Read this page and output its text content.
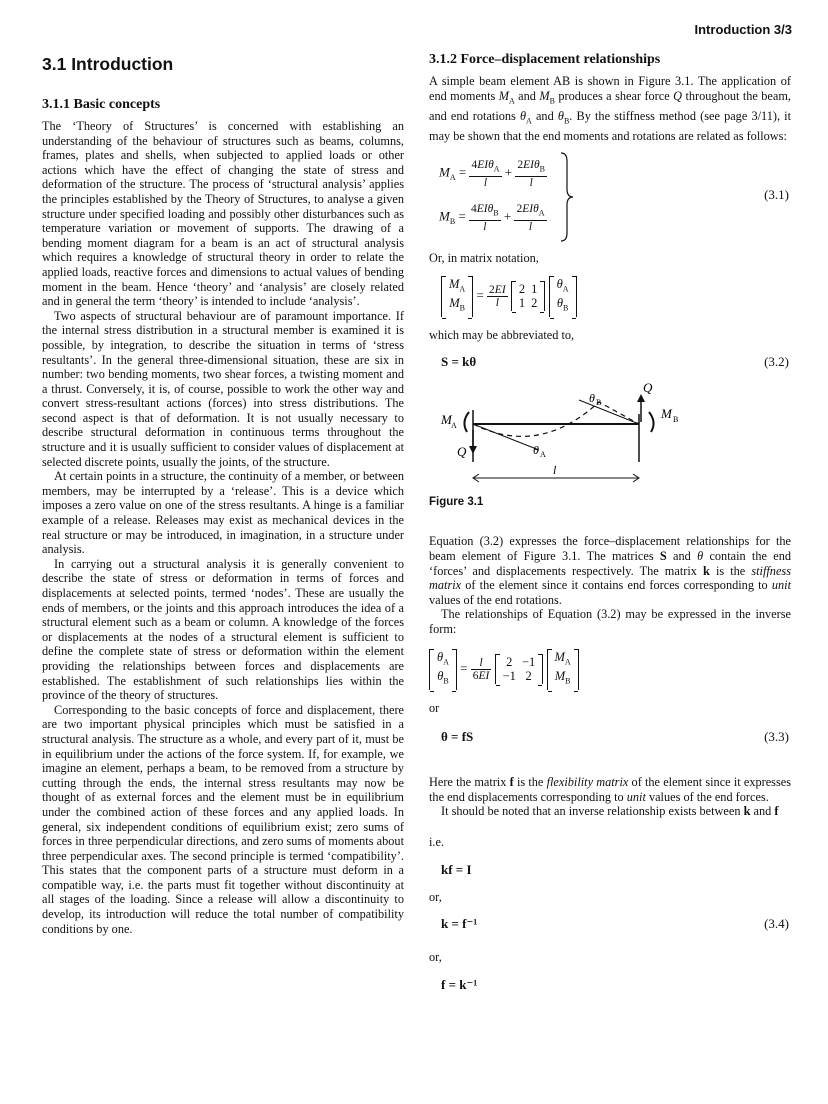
Introduction 3/3
3.1 Introduction
3.1.1 Basic concepts

The ‘Theory of Structures’ is concerned with establishing an understanding of the behaviour of structures such as beams, columns, frames, plates and shells, when subjected to applied loads or other actions which have the effect of changing the state of stress and deformation of the structure. The process of ‘structural analysis’ applies the principles established by the Theory of Structures, to analyse a given structure under specified loading and possibly other disturbances such as temperature variation or movement of supports. The drawing of a bending moment diagram for a beam is an act of structural analysis which requires a knowledge of structural theory in order to relate the applied loads, reactive forces and dimensions to actual values of bending moment in the beam. Hence ‘theory’ and ‘analysis’ are closely related and in general the term ‘theory’ is intended to include ‘analysis’.

Two aspects of structural behaviour are of paramount importance. If the internal stress distribution in a structural member is examined it is possible, by integration, to describe the situation in terms of ‘stress resultants’. In the general three-dimensional situation, these are six in number: two bending moments, two shear forces, a twisting moment and a thrust. Conversely, it is, of course, possible to work the other way and convert stress-resultant actions (forces) into stress distributions. The second aspect is that of deformation. It is not usually necessary to describe structural deformation in continuous terms throughout the structure and it is usually sufficient to consider values of displacement at selected discrete points, usually the joints, of the structure.

At certain points in a structure, the continuity of a member, or between members, may be interrupted by a ‘release’. This is a device which imposes a zero value on one of the stress resultants. A hinge is a familiar example of a release. Releases may exist as mechanical devices in the real structure or may be introduced, in imagination, in a structure under analysis.

In carrying out a structural analysis it is generally convenient to describe the state of stress or deformation in terms of forces and displacements at selected points, termed ‘nodes’. These are usually the ends of members, or the joints and this approach introduces the idea of a structural element such as a beam or column. A knowledge of the forces or displacements at the nodes of a structural element is sufficient to define the complete state of stress or deformation within the element providing the relationships between forces and displacements are established. The establishment of such relationships lies within the province of the theory of structures.

Corresponding to the basic concepts of force and displacement, there are two important physical principles which must be satisfied in a structural analysis. The structure as a whole, and every part of it, must be in equilibrium under the actions of the force system. If, for example, we imagine an element, perhaps a beam, to be removed from a structure by cutting through the ends, the internal stress resultants may now be thought of as external forces and the element must be in equilibrium under the combined action of these forces and any applied loads. In general, six independent conditions of equilibrium exist; zero sums of forces in three perpendicular directions, and zero sums of moments about three perpendicular axes. The second principle is termed ‘compatibility’. This states that the component parts of a structure must deform in a compatible way, i.e. the parts must fit together without discontinuity at all stages of the loading. Since a release will allow a discontinuity to develop, its introduction will reduce the total number of compatibility conditions by one.

3.1.2 Force–displacement relationships

A simple beam element AB is shown in Figure 3.1. The application of end moments $M_A$ and $M_B$ produces a shear force Q throughout the beam, and end rotations $\theta_A$ and $\theta_B$. By the stiffness method (see page 3/11), it may be shown that the end moments and rotations are related as follows:

$M_A = \frac{4EI\theta_A}{l} + \frac{2EI\theta_B}{l}$
$M_B = \frac{4EI\theta_B}{l} + \frac{2EI\theta_A}{l}$
(3.1)

Or, in matrix notation,

$M_A$
$M_B$
= $\frac{2EI}{l}$
2	1
1	2

$\theta_A$
$\theta_B$

which may be abbreviated to,

S = kθ	(3.2)
M A
M B
Q
Q
θ A
θ B
l
Figure 3.1

Equation (3.2) expresses the force–displacement relationships for the beam element of Figure 3.1. The matrices S and θ contain the end ‘forces’ and displacements respectively. The matrix k is the stiffness matrix of the element since it contains end forces corresponding to unit values of the end rotations.

The relationships of Equation (3.2) may be expressed in the inverse form:

$\theta_A$
$\theta_B$
= $\frac{l}{6EI}$
2	−1
−1	2

$M_A$
$M_B$

or

θ = fS	(3.3)

Here the matrix f is the flexibility matrix of the element since it expresses the end displacements corresponding to unit values of the end forces.

It should be noted that an inverse relationship exists between k and f

i.e.

kf = I

or,

k = f⁻¹	(3.4)

or,

f = k⁻¹
